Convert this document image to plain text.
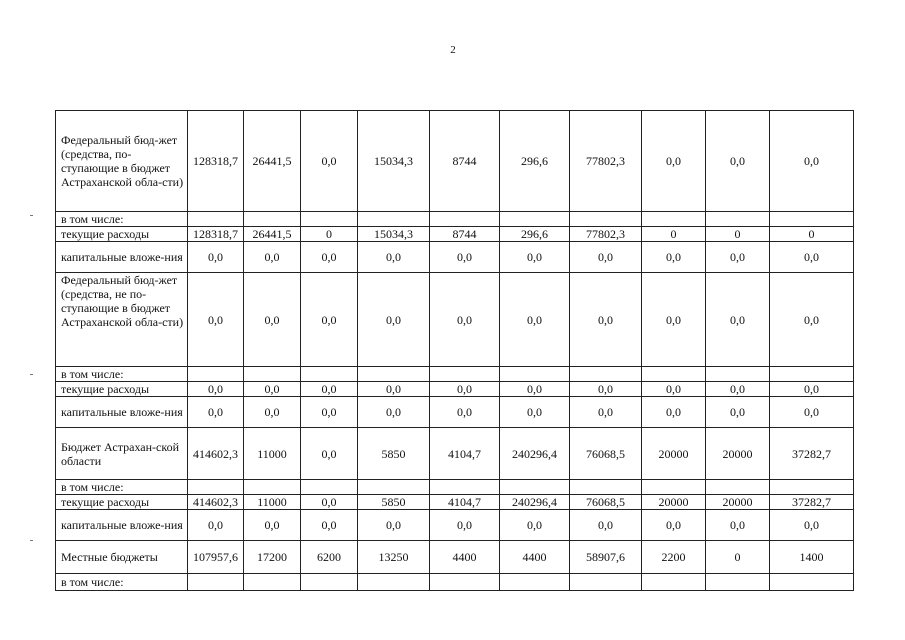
2
Федеральный бюд-жет (средства, по-ступающие в бюджет Астраханской обла-сти)	128318,7	26441,5	0,0	15034,3	8744	296,6	77802,3	0,0	0,0	0,0
в том числе:										
текущие расходы	128318,7	26441,5	0	15034,3	8744	296,6	77802,3	0	0	0
капитальные вложе-ния	0,0	0,0	0,0	0,0	0,0	0,0	0,0	0,0	0,0	0,0
Федеральный бюд-жет (средства, не по-ступающие в бюджет Астраханской обла-сти)	0,0	0,0	0,0	0,0	0,0	0,0	0,0	0,0	0,0	0,0
в том числе:										
текущие расходы	0,0	0,0	0,0	0,0	0,0	0,0	0,0	0,0	0,0	0,0
капитальные вложе-ния	0,0	0,0	0,0	0,0	0,0	0,0	0,0	0,0	0,0	0,0
Бюджет Астрахан-ской области	414602,3	11000	0,0	5850	4104,7	240296,4	76068,5	20000	20000	37282,7
в том числе:										
текущие расходы	414602,3	11000	0,0	5850	4104,7	240296,4	76068,5	20000	20000	37282,7
капитальные вложе-ния	0,0	0,0	0,0	0,0	0,0	0,0	0,0	0,0	0,0	0,0
Местные бюджеты	107957,6	17200	6200	13250	4400	4400	58907,6	2200	0	1400
в том числе:										
